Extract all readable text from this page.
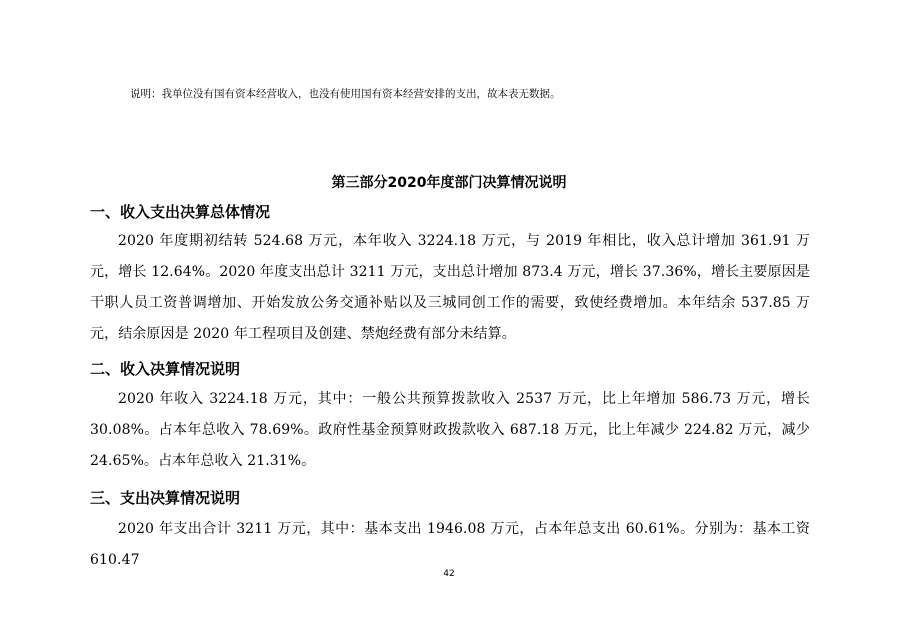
说明：我单位没有国有资本经营收入，也没有使用国有资本经营安排的支出，故本表无数据。
第三部分2020年度部门决算情况说明
一、收入支出决算总体情况

2020 年度期初结转 524.68 万元，本年收入 3224.18 万元，与 2019 年相比，收入总计增加 361.91 万元，增长 12.64%。2020 年度支出总计 3211 万元，支出总计增加 873.4 万元，增长 37.36%，增长主要原因是干职人员工资普调增加、开始发放公务交通补贴以及三城同创工作的需要，致使经费增加。本年结余 537.85 万元，结余原因是 2020 年工程项目及创建、禁炮经费有部分未结算。

二、收入决算情况说明

2020 年收入 3224.18 万元，其中：一般公共预算拨款收入 2537 万元，比上年增加 586.73 万元，增长 30.08%。占本年总收入 78.69%。政府性基金预算财政拨款收入 687.18 万元，比上年减少 224.82 万元，减少 24.65%。占本年总收入 21.31%。

三、支出决算情况说明

2020 年支出合计 3211 万元，其中：基本支出 1946.08 万元，占本年总支出 60.61%。分别为：基本工资 610.47

42
